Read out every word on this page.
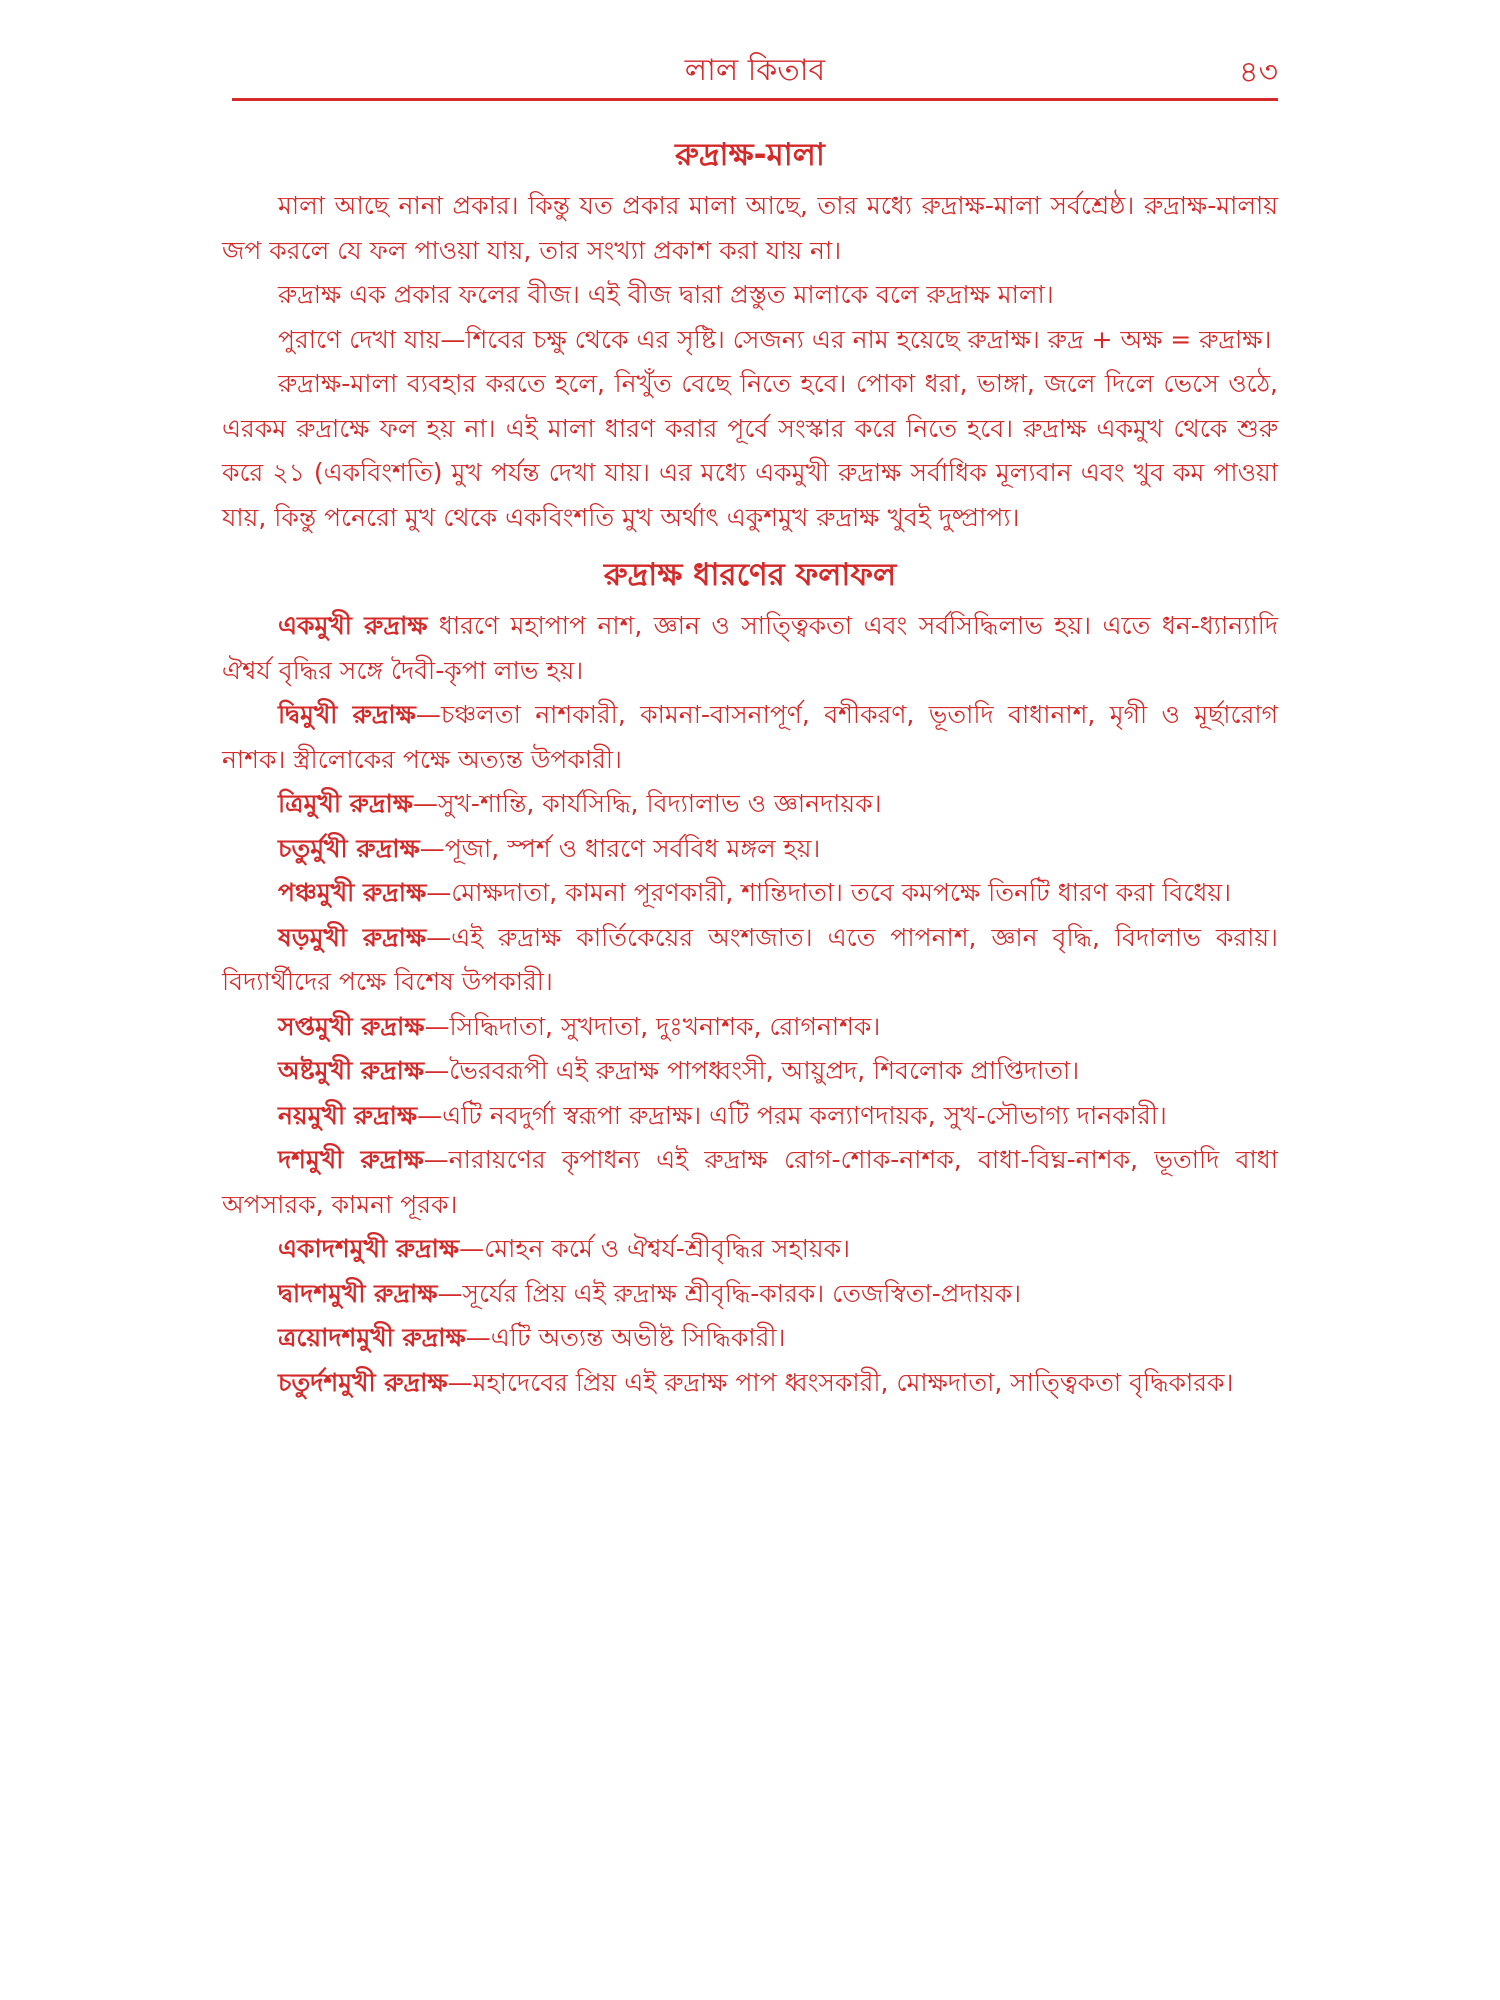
লাল কিতাব	৪৩
রুদ্রাক্ষ-মালা

মালা আছে নানা প্রকার। কিন্তু যত প্রকার মালা আছে, তার মধ্যে রুদ্রাক্ষ-মালা সর্বশ্রেষ্ঠ। রুদ্রাক্ষ-মালায় জপ করলে যে ফল পাওয়া যায়, তার সংখ্যা প্রকাশ করা যায় না।

রুদ্রাক্ষ এক প্রকার ফলের বীজ। এই বীজ দ্বারা প্রস্তুত মালাকে বলে রুদ্রাক্ষ মালা।

পুরাণে দেখা যায়—শিবের চক্ষু থেকে এর সৃষ্টি। সেজন্য এর নাম হয়েছে রুদ্রাক্ষ। রুদ্র + অক্ষ = রুদ্রাক্ষ।

রুদ্রাক্ষ-মালা ব্যবহার করতে হলে, নিখুঁত বেছে নিতে হবে। পোকা ধরা, ভাঙ্গা, জলে দিলে ভেসে ওঠে, এরকম রুদ্রাক্ষে ফল হয় না। এই মালা ধারণ করার পূর্বে সংস্কার করে নিতে হবে। রুদ্রাক্ষ একমুখ থেকে শুরু করে ২১ (একবিংশতি) মুখ পর্যন্ত দেখা যায়। এর মধ্যে একমুখী রুদ্রাক্ষ সর্বাধিক মূল্যবান এবং খুব কম পাওয়া যায়, কিন্তু পনেরো মুখ থেকে একবিংশতি মুখ অর্থাৎ একুশমুখ রুদ্রাক্ষ খুবই দুষ্প্রাপ্য।

রুদ্রাক্ষ ধারণের ফলাফল

একমুখী রুদ্রাক্ষ ধারণে মহাপাপ নাশ, জ্ঞান ও সাত্ত্বিকতা এবং সর্বসিদ্ধিলাভ হয়। এতে ধন-ধ্যান্যাদি ঐশ্বর্য বৃদ্ধির সঙ্গে দৈবী-কৃপা লাভ হয়।

দ্বিমুখী রুদ্রাক্ষ—চঞ্চলতা নাশকারী, কামনা-বাসনাপূর্ণ, বশীকরণ, ভূতাদি বাধানাশ, মৃগী ও মূর্ছারোগ নাশক। স্ত্রীলোকের পক্ষে অত্যন্ত উপকারী।

ত্রিমুখী রুদ্রাক্ষ—সুখ-শান্তি, কার্যসিদ্ধি, বিদ্যালাভ ও জ্ঞানদায়ক।

চতুর্মুখী রুদ্রাক্ষ—পূজা, স্পর্শ ও ধারণে সর্ববিধ মঙ্গল হয়।

পঞ্চমুখী রুদ্রাক্ষ—মোক্ষদাতা, কামনা পূরণকারী, শান্তিদাতা। তবে কমপক্ষে তিনটি ধারণ করা বিধেয়।

ষড়মুখী রুদ্রাক্ষ—এই রুদ্রাক্ষ কার্তিকেয়ের অংশজাত। এতে পাপনাশ, জ্ঞান বৃদ্ধি, বিদালাভ করায়। বিদ্যার্থীদের পক্ষে বিশেষ উপকারী।

সপ্তমুখী রুদ্রাক্ষ—সিদ্ধিদাতা, সুখদাতা, দুঃখনাশক, রোগনাশক।

অষ্টমুখী রুদ্রাক্ষ—ভৈরবরূপী এই রুদ্রাক্ষ পাপধ্বংসী, আয়ুপ্রদ, শিবলোক প্রাপ্তিদাতা।

নয়মুখী রুদ্রাক্ষ—এটি নবদুর্গা স্বরূপা রুদ্রাক্ষ। এটি পরম কল্যাণদায়ক, সুখ-সৌভাগ্য দানকারী।

দশমুখী রুদ্রাক্ষ—নারায়ণের কৃপাধন্য এই রুদ্রাক্ষ রোগ-শোক-নাশক, বাধা-বিঘ্ন-নাশক, ভূতাদি বাধা অপসারক, কামনা পূরক।

একাদশমুখী রুদ্রাক্ষ—মোহন কর্মে ও ঐশ্বর্য-শ্রীবৃদ্ধির সহায়ক।

দ্বাদশমুখী রুদ্রাক্ষ—সূর্যের প্রিয় এই রুদ্রাক্ষ শ্রীবৃদ্ধি-কারক। তেজস্বিতা-প্রদায়ক।

ত্রয়োদশমুখী রুদ্রাক্ষ—এটি অত্যন্ত অভীষ্ট সিদ্ধিকারী।

চতুর্দশমুখী রুদ্রাক্ষ—মহাদেবের প্রিয় এই রুদ্রাক্ষ পাপ ধ্বংসকারী, মোক্ষদাতা, সাত্ত্বিকতা বৃদ্ধিকারক।
